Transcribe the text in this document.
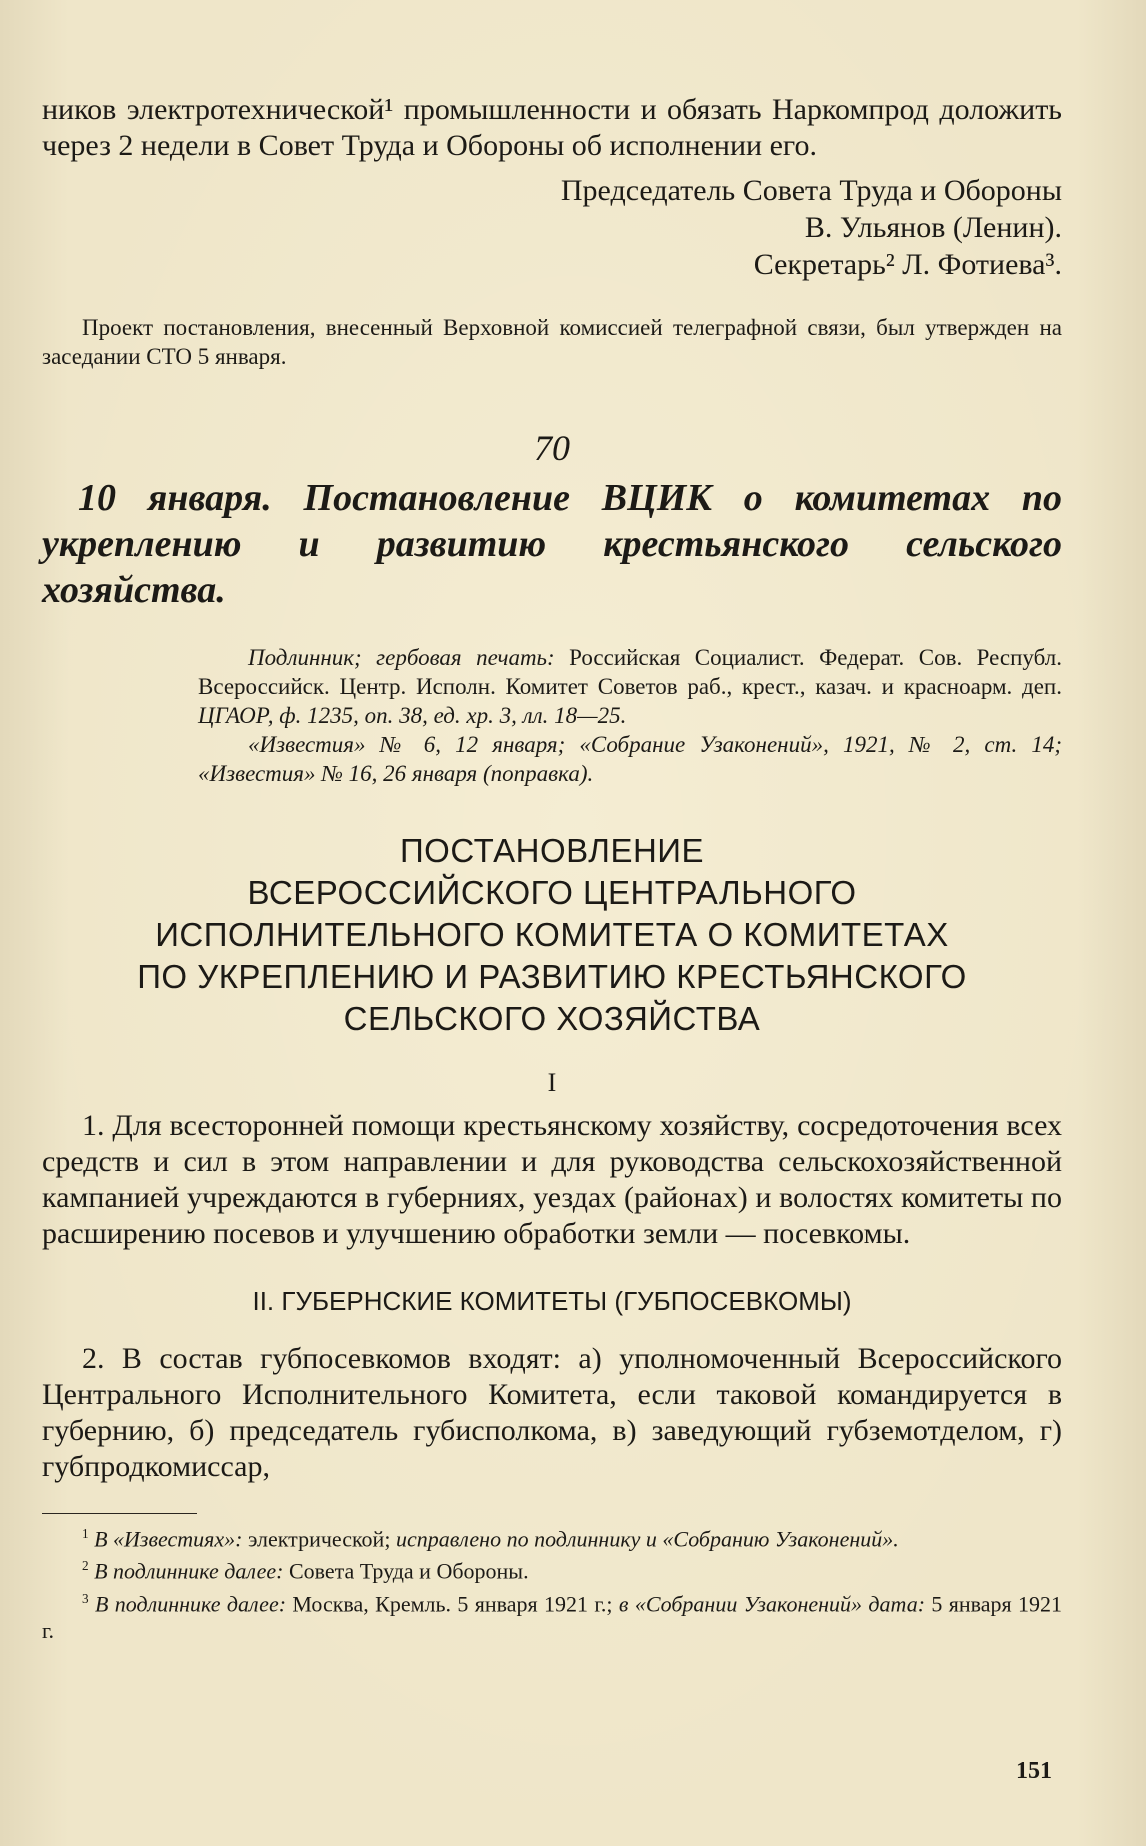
ников электротехнической¹ промышленности и обязать Наркомпрод доложить через 2 недели в Совет Труда и Обороны об исполнении его.

Председатель Совета Труда и Обороны

В. Ульянов (Ленин).

Секретарь² Л. Фотиева³.

Проект постановления, внесенный Верховной комиссией телеграфной связи, был утвержден на заседании СТО 5 января.

70

10 января. Постановление ВЦИК о комитетах по укреплению и развитию крестьянского сельского хозяйства.

Подлинник; гербовая печать: Российская Социалист. Федерат. Сов. Республ. Всероссийск. Центр. Исполн. Комитет Советов раб., крест., казач. и красноарм. деп. ЦГАОР, ф. 1235, оп. 38, ед. хр. 3, лл. 18—25.

«Известия» № 6, 12 января; «Собрание Узаконений», 1921, № 2, ст. 14; «Известия» № 16, 26 января (поправка).

ПОСТАНОВЛЕНИЕ
ВСЕРОССИЙСКОГО ЦЕНТРАЛЬНОГО
ИСПОЛНИТЕЛЬНОГО КОМИТЕТА О КОМИТЕТАХ
ПО УКРЕПЛЕНИЮ И РАЗВИТИЮ КРЕСТЬЯНСКОГО
СЕЛЬСКОГО ХОЗЯЙСТВА
I

1. Для всесторонней помощи крестьянскому хозяйству, сосредоточения всех средств и сил в этом направлении и для руководства сельскохозяйственной кампанией учреждаются в губерниях, уездах (районах) и волостях комитеты по расширению посевов и улучшению обработки земли — посевкомы.

II. ГУБЕРНСКИЕ КОМИТЕТЫ (ГУБПОСЕВКОМЫ)

2. В состав губпосевкомов входят: а) уполномоченный Всероссийского Центрального Исполнительного Комитета, если таковой командируется в губернию, б) председатель губисполкома, в) заведующий губземотделом, г) губпродкомиссар,

$^1$ В «Известиях»: электрической; исправлено по подлиннику и «Собранию Узаконений».

$^2$ В подлиннике далее: Совета Труда и Обороны.

$^3$ В подлиннике далее: Москва, Кремль. 5 января 1921 г.; в «Собрании Узаконений» дата: 5 января 1921 г.

151
